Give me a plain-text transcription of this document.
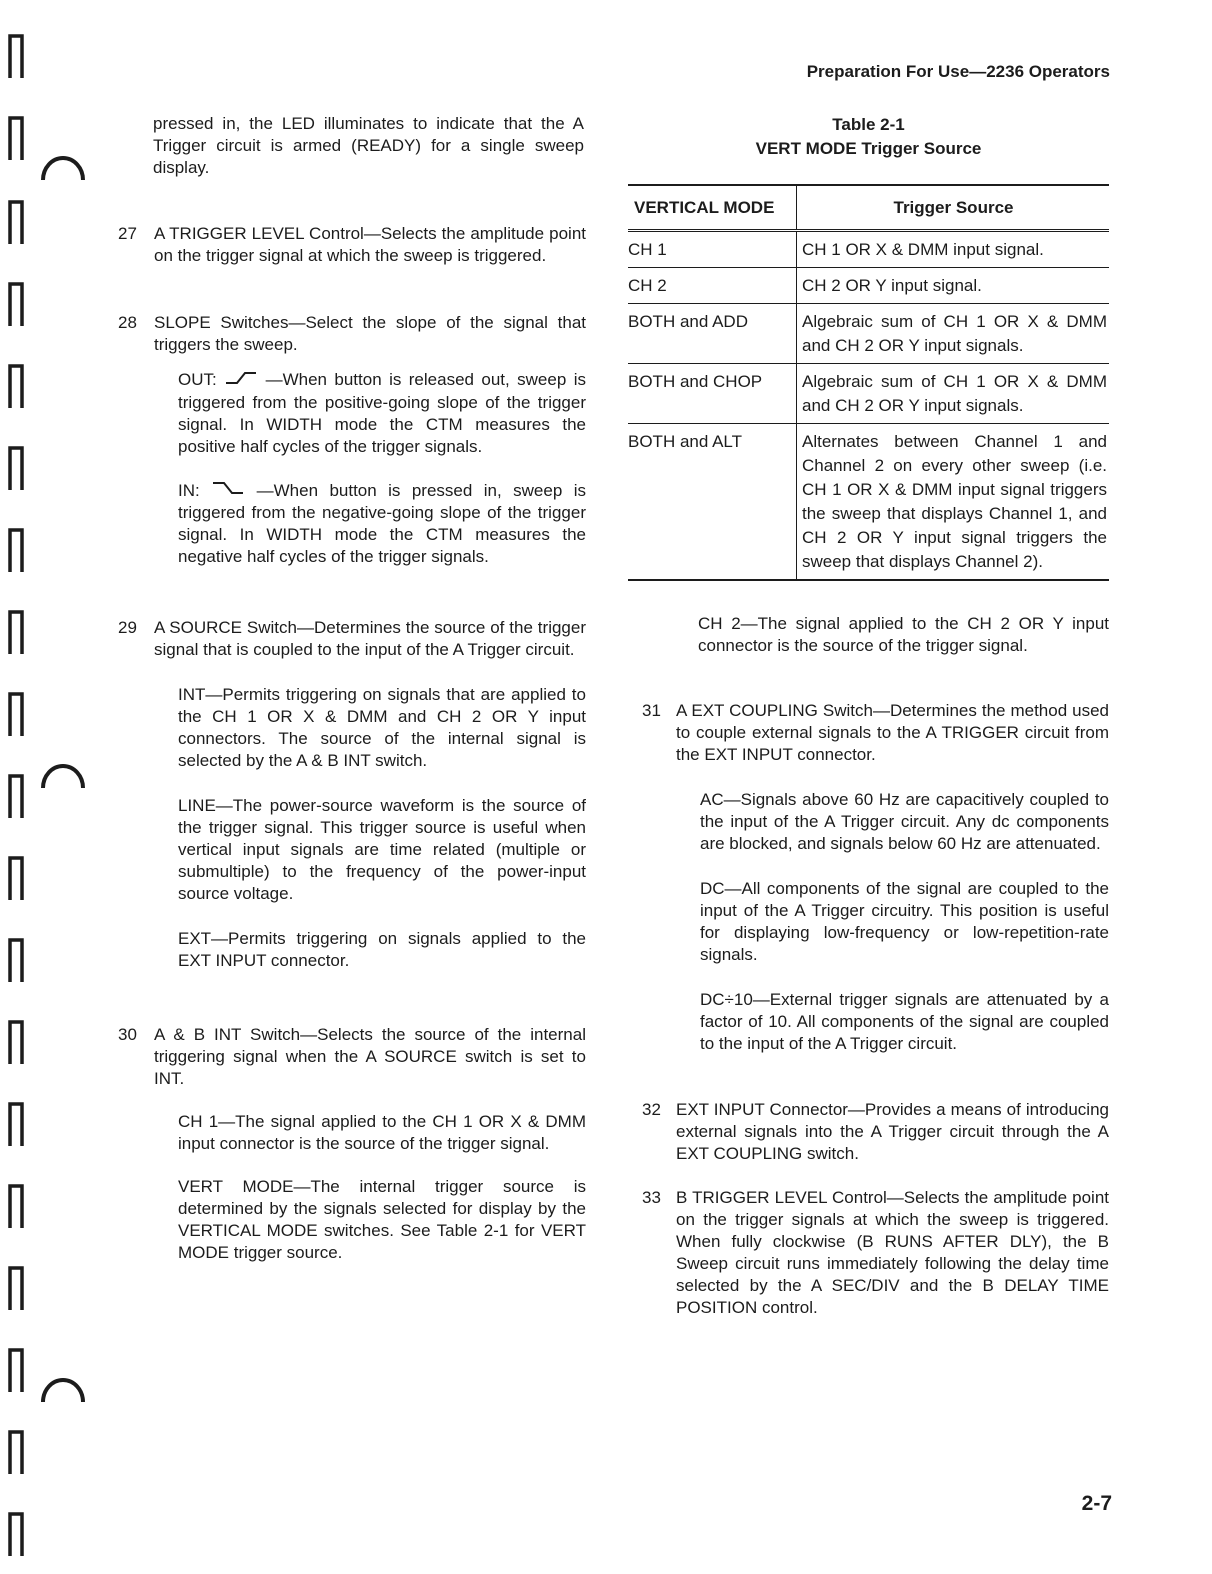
Preparation For Use—2236 Operators

pressed in, the LED illuminates to indicate that the A Trigger circuit is armed (READY) for a single sweep display.

27 A TRIGGER LEVEL Control—Selects the amplitude point on the trigger signal at which the sweep is triggered.

28 SLOPE Switches—Select the slope of the signal that triggers the sweep.

OUT:	—When button is released out, sweep is triggered from the positive-going slope of the trigger signal. In WIDTH mode the CTM measures the positive half cycles of the trigger signals.

IN:	—When button is pressed in, sweep is triggered from the negative-going slope of the trigger signal. In WIDTH mode the CTM measures the negative half cycles of the trigger signals.

29 A SOURCE Switch—Determines the source of the trigger signal that is coupled to the input of the A Trigger circuit.

INT—Permits triggering on signals that are applied to the CH 1 OR X & DMM and CH 2 OR Y input connectors. The source of the internal signal is selected by the A & B INT switch.

LINE—The power-source waveform is the source of the trigger signal. This trigger source is useful when vertical input signals are time related (multiple or submultiple) to the frequency of the power-input source voltage.

EXT—Permits triggering on signals applied to the EXT INPUT connector.

30 A & B INT Switch—Selects the source of the internal triggering signal when the A SOURCE switch is set to INT.

CH 1—The signal applied to the CH 1 OR X & DMM input connector is the source of the trigger signal.

VERT MODE—The internal trigger source is determined by the signals selected for display by the VERTICAL MODE switches. See Table 2-1 for VERT MODE trigger source.

Table 2-1
VERT MODE Trigger Source
VERTICAL MODE	Trigger Source
CH 1	CH 1 OR X & DMM input signal.
CH 2	CH 2 OR Y input signal.
BOTH and ADD	Algebraic sum of CH 1 OR X & DMM and CH 2 OR Y input signals.
BOTH and CHOP	Algebraic sum of CH 1 OR X & DMM and CH 2 OR Y input signals.
BOTH and ALT	Alternates between Channel 1 and Channel 2 on every other sweep (i.e. CH 1 OR X & DMM input signal triggers the sweep that displays Channel 1, and CH 2 OR Y input signal triggers the sweep that displays Channel 2).

CH 2—The signal applied to the CH 2 OR Y input connector is the source of the trigger signal.

31 A EXT COUPLING Switch—Determines the method used to couple external signals to the A TRIGGER circuit from the EXT INPUT connector.

AC—Signals above 60 Hz are capacitively coupled to the input of the A Trigger circuit. Any dc components are blocked, and signals below 60 Hz are attenuated.

DC—All components of the signal are coupled to the input of the A Trigger circuitry. This position is useful for displaying low-frequency or low-repetition-rate signals.

DC÷10—External trigger signals are attenuated by a factor of 10. All components of the signal are coupled to the input of the A Trigger circuit.

32 EXT INPUT Connector—Provides a means of introducing external signals into the A Trigger circuit through the A EXT COUPLING switch.

33 B TRIGGER LEVEL Control—Selects the amplitude point on the trigger signals at which the sweep is triggered. When fully clockwise (B RUNS AFTER DLY), the B Sweep circuit runs immediately following the delay time selected by the A SEC/DIV and the B DELAY TIME POSITION control.

2-7
